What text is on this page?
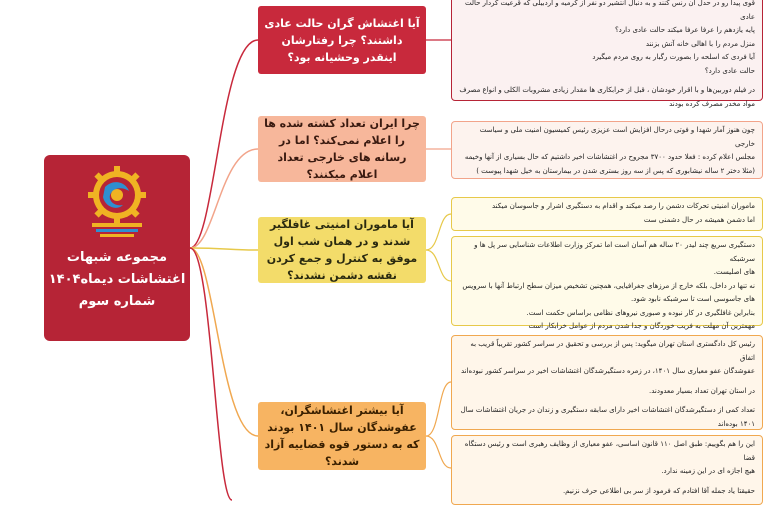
مجموعه شبهات
اغتشاشات دیماه۱۴۰۴
شماره سوم
آیا اغتشاش گران حالت عادی داشتند؟ چرا رفتارشان اینقدر وحشیانه بود؟
چرا ایران تعداد کشته شده ها را اعلام نمی‌کند؟ اما در رسانه های خارجی تعداد اعلام میکنند؟
آیا ماموران امنیتی غافلگیر شدند و در همان شب اول موفق به کنترل و جمع کردن نقشه دشمن نشدند؟
آیا بیشتر اغتشاشگران، عفوشدگان سال ۱۴۰۱ بودند که به دستور قوه قضاییه آزاد شدند؟

قوی پیدا رو در حدل ان رنس کنند و به دنبال انتشیر دو نفر از کرمیه و اردبیلی که قرعیت کردار حالت عادی

پایه یازدهم را عرفا عرفا میکند حالت عادی دارد؟

منزل مردم را با اهالی خانه آتش بزنند

آیا فردی که اسلحه را بصورت رگبار به روی مردم میگیرد

حالت عادی دارد؟

در فیلم دوربین‌ها و با اقرار خودشان ، قبل از خرابکاری ها مقدار زیادی مشروبات الکلی و انواع مصرف

مواد مخدر مصرف کرده بودند

چون هنوز آمار شهدا و فوتی درحال افزایش است عزیزی رئیس کمیسیون امنیت ملی و سیاست خارجی

مجلس اعلام کرده : فعلا حدود ۳۷۰۰ مجروح در اغتشاشات اخیر داشتیم که حال بسیاری از آنها وخیمه

(مثلا دختر ۲ ساله نیشابوری که پس از سه روز بستری شدن در بیمارستان به خیل شهدا پیوست )

ماموران امنیتی تحرکات دشمن را رصد میکند و اقدام به دستگیری اشرار و جاسوسان میکند

اما دشمن همیشه در حال دشمنی ست

دستگیری سریع چند لیدر ۲۰ ساله هم آسان است اما تمرکز وزارت اطلاعات شناسایی سر پل ها و سرشبکه

های اصلیست.

نه تنها در داخل، بلکه خارج از مرزهای جغرافیایی، همچنین تشخیص میزان سطح ارتباط آنها با سرویس

های جاسوسی است تا سرشبکه نابود شود.

بنابراین غافلگیری در کار نبوده و صبوری نیروهای نظامی براساس حکمت است.

مهمترین آن مهلت به فریب خوردگان و جدا شدن مردم از عوامل خرابکار است

رئیس کل دادگستری استان تهران میگوید: پس از بررسی و تحقیق در سراسر کشور تقریباً قریب به اتفاق

عفوشدگان عفو معیاری سال ۱۴۰۱، در زمره دستگیرشدگان اغتشاشات اخیر در سراسر کشور نبوده‌اند

در استان تهران تعداد بسیار معدودند.

تعداد کمی از دستگیرشدگان اغتشاشات اخیر دارای سابقه دستگیری و زندان در جریان اغتشاشات سال

۱۴۰۱ بوده‌اند

این را هم بگوییم: طبق اصل ۱۱۰ قانون اساسی، عفو معیاری از وظایف رهبری است و رئیس دستگاه قضا

هیچ اجازه ای در این زمینه ندارد.

حقیقتا یاد جمله آقا افتادم که فرمود از سر بی اطلاعی حرف نزنیم.
